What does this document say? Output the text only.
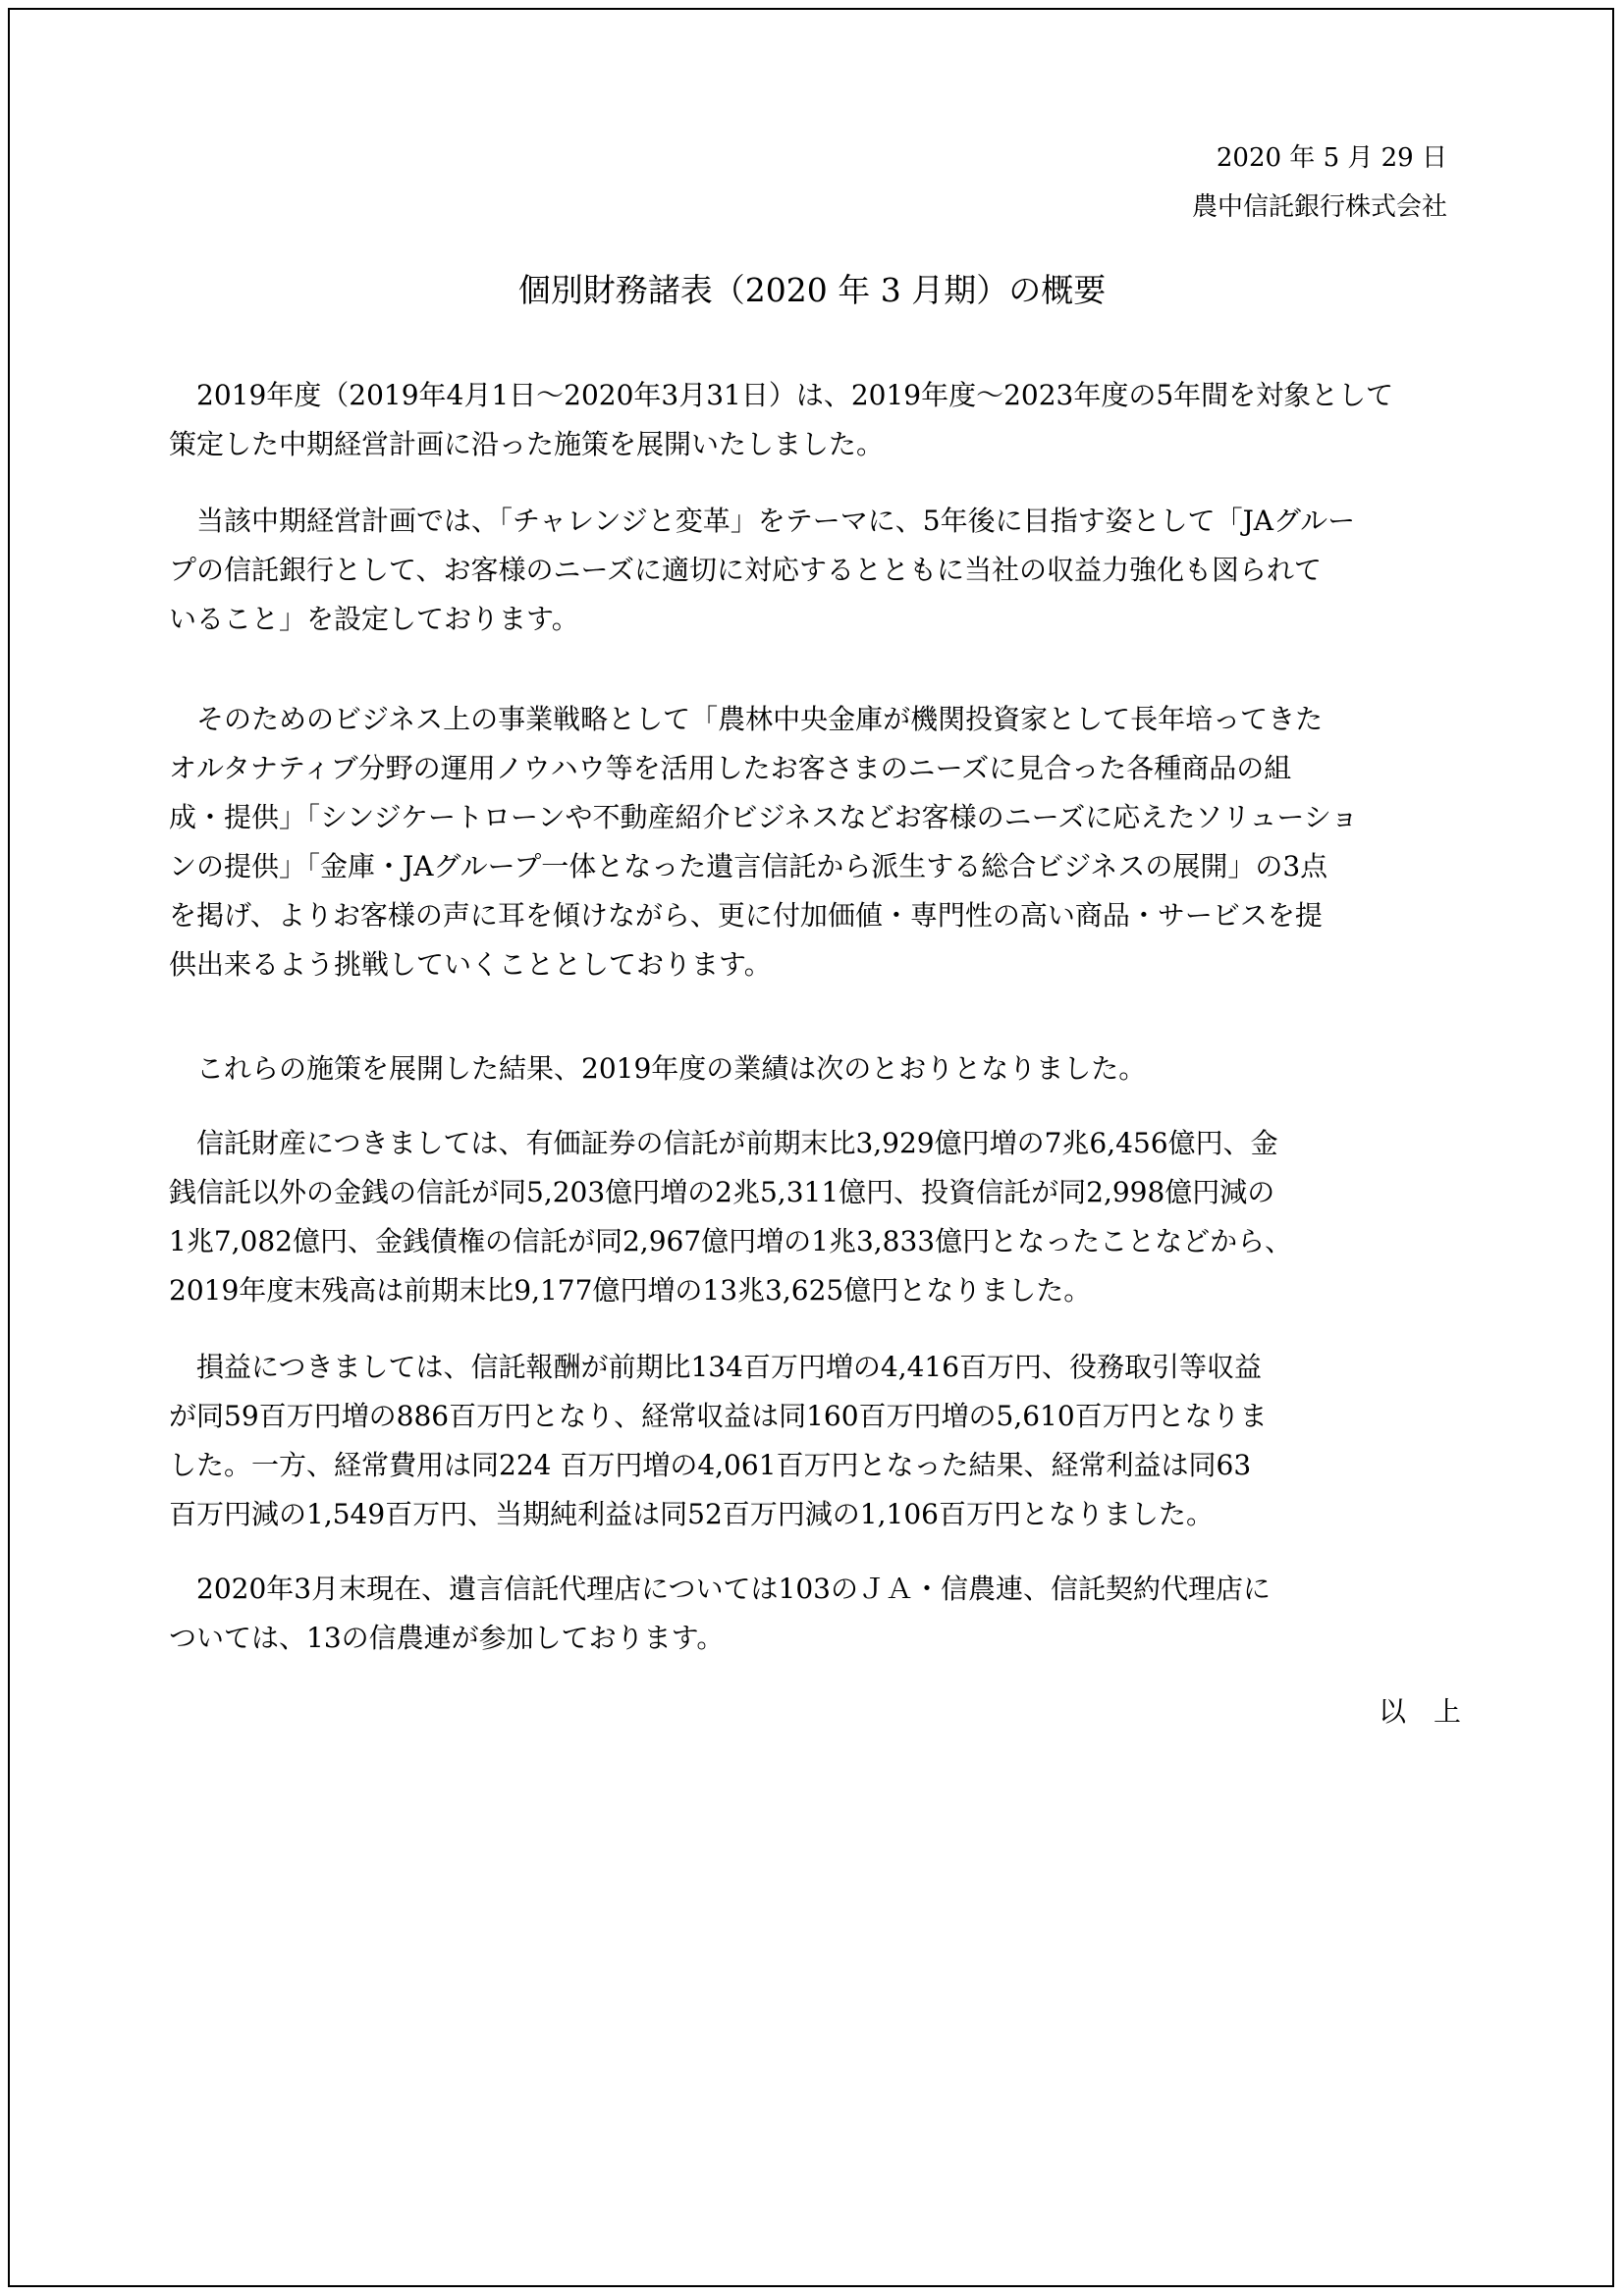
2020 年 5 月 29 日
農中信託銀行株式会社
個別財務諸表（2020 年 3 月期）の概要

　2019年度（2019年4月1日～2020年3月31日）は、2019年度～2023年度の5年間を対象として
策定した中期経営計画に沿った施策を展開いたしました。

　当該中期経営計画では、「チャレンジと変革」をテーマに、5年後に目指す姿として「JAグルー
プの信託銀行として、お客様のニーズに適切に対応するとともに当社の収益力強化も図られて
いること」を設定しております。

　そのためのビジネス上の事業戦略として「農林中央金庫が機関投資家として長年培ってきた
オルタナティブ分野の運用ノウハウ等を活用したお客さまのニーズに見合った各種商品の組
成・提供」「シンジケートローンや不動産紹介ビジネスなどお客様のニーズに応えたソリューショ
ンの提供」「金庫・JAグループ一体となった遺言信託から派生する総合ビジネスの展開」の3点
を掲げ、よりお客様の声に耳を傾けながら、更に付加価値・専門性の高い商品・サービスを提
供出来るよう挑戦していくこととしております。

　これらの施策を展開した結果、2019年度の業績は次のとおりとなりました。

　信託財産につきましては、有価証券の信託が前期末比3,929億円増の7兆6,456億円、金
銭信託以外の金銭の信託が同5,203億円増の2兆5,311億円、投資信託が同2,998億円減の
1兆7,082億円、金銭債権の信託が同2,967億円増の1兆3,833億円となったことなどから、
2019年度末残高は前期末比9,177億円増の13兆3,625億円となりました。

　損益につきましては、信託報酬が前期比134百万円増の4,416百万円、役務取引等収益
が同59百万円増の886百万円となり、経常収益は同160百万円増の5,610百万円となりま
した。一方、経常費用は同224 百万円増の4,061百万円となった結果、経常利益は同63
百万円減の1,549百万円、当期純利益は同52百万円減の1,106百万円となりました。

　2020年3月末現在、遺言信託代理店については103のＪＡ・信農連、信託契約代理店に
ついては、13の信農連が参加しております。

以　上
